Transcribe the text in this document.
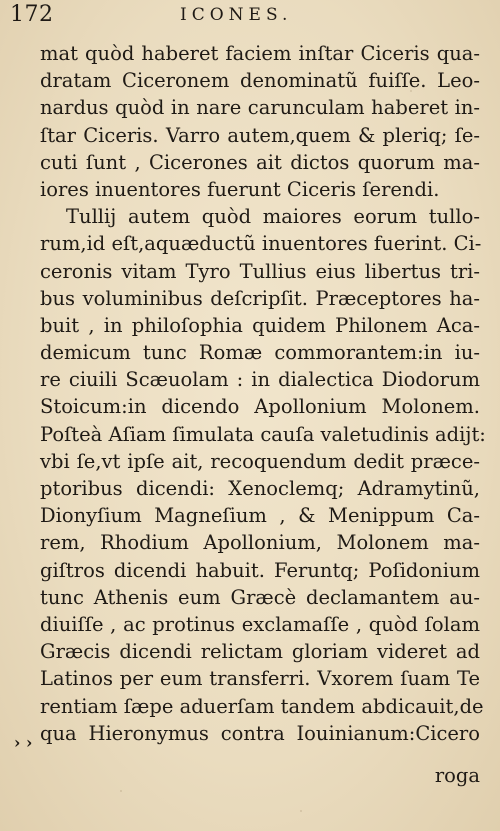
172	ICONES.
mat quòd haberet faciem inſtar Ciceris qua-
dratam Ciceronem denominatũ fuiſſe. Leo-
nardus quòd in nare carunculam haberet in-
ſtar Ciceris. Varro autem,quem & pleriq; ſe-
cuti ſunt , Cicerones ait dictos quorum ma-
iores inuentores fuerunt Ciceris ſerendi.
Tullij autem quòd maiores eorum tullo-
rum,id eſt,aquæductũ inuentores fuerint. Ci-
ceronis vitam Tyro Tullius eius libertus tri-
bus voluminibus deſcripſit. Præceptores ha-
buit , in philoſophia quidem Philonem Aca-
demicum tunc Romæ commorantem:in iu-
re ciuili Scæuolam : in dialectica Diodorum
Stoicum:in dicendo Apollonium Molonem.
Poſteà Aſiam ſimulata cauſa valetudinis adijt:
vbi ſe,vt ipſe ait, recoquendum dedit præce-
ptoribus dicendi: Xenoclemq; Adramytinũ,
Dionyſium Magneſium , & Menippum Ca-
rem, Rhodium Apollonium, Molonem ma-
giſtros dicendi habuit. Feruntq; Poſidonium
tunc Athenis eum Græcè declamantem au-
diuiſſe , ac protinus exclamaſſe , quòd ſolam
Græcis dicendi relictam gloriam videret ad
Latinos per eum transferri. Vxorem ſuam Te
rentiam ſæpe aduerſam tandem abdicauit,de
qua Hieronymus contra Iouinianum:Cicero
› ›
roga
